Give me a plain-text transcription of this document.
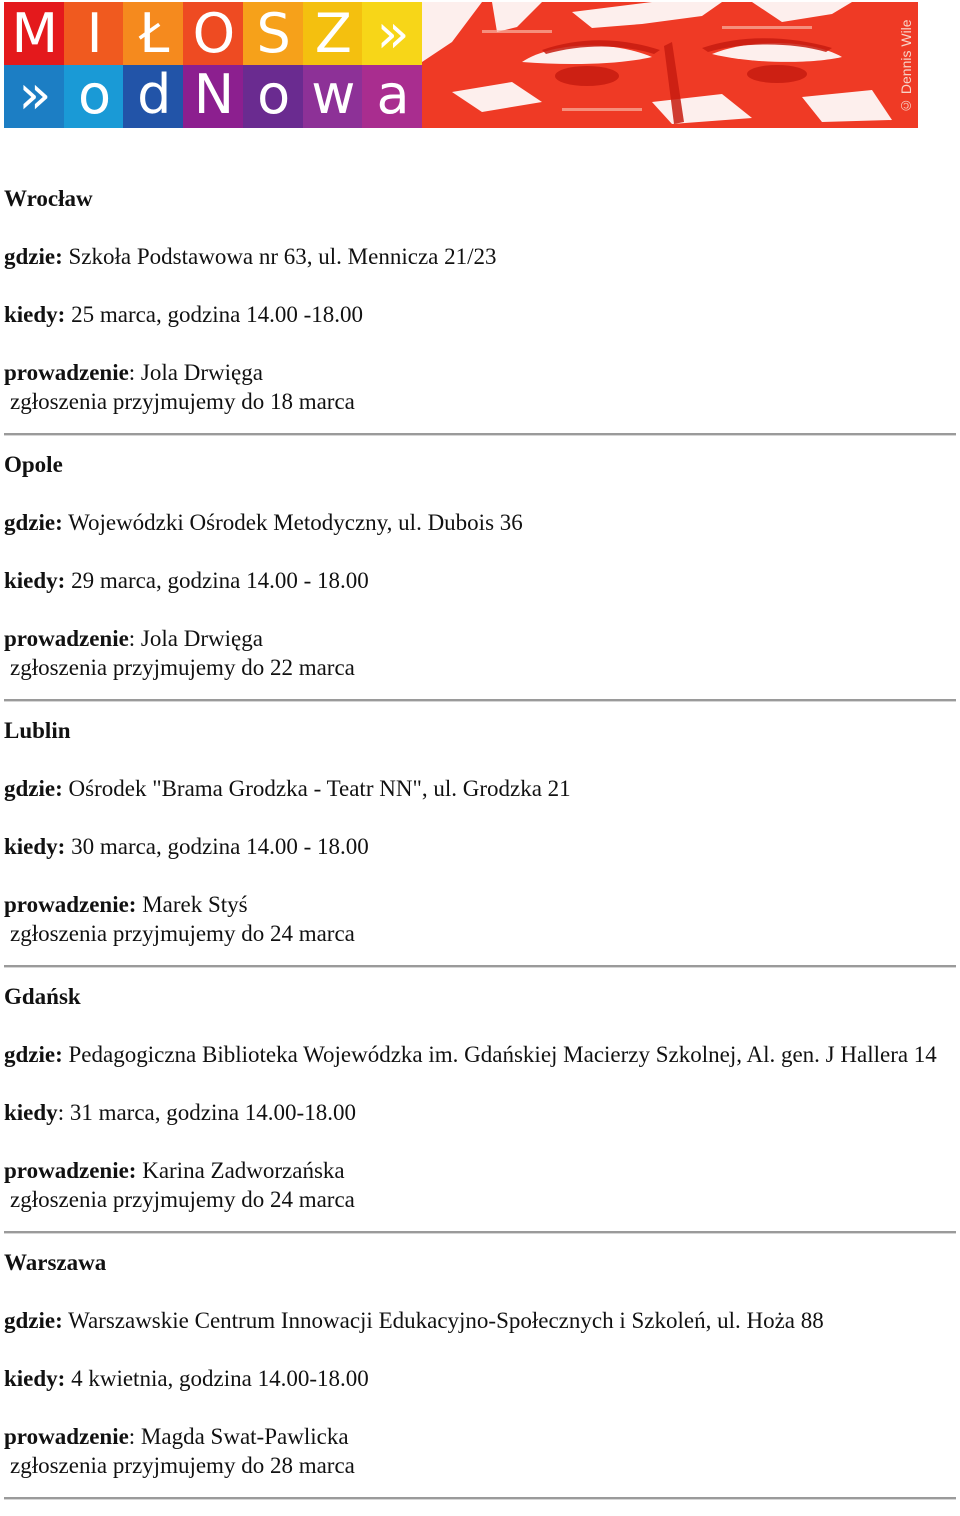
M I Ł O S Z »
» o d N o w a	© Dennis Wile
Wrocław
gdzie: Szkoła Podstawowa nr 63, ul. Mennicza 21/23
kiedy: 25 marca, godzina 14.00 -18.00
prowadzenie: Jola Drwięga
zgłoszenia przyjmujemy do 18 marca
Opole
gdzie: Wojewódzki Ośrodek Metodyczny, ul. Dubois 36
kiedy: 29 marca, godzina 14.00 - 18.00
prowadzenie: Jola Drwięga
zgłoszenia przyjmujemy do 22 marca
Lublin
gdzie: Ośrodek "Brama Grodzka - Teatr NN", ul. Grodzka 21
kiedy: 30 marca, godzina 14.00 - 18.00
prowadzenie: Marek Styś
zgłoszenia przyjmujemy do 24 marca
Gdańsk
gdzie: Pedagogiczna Biblioteka Wojewódzka im. Gdańskiej Macierzy Szkolnej, Al. gen. J Hallera 14
kiedy: 31 marca, godzina 14.00-18.00
prowadzenie: Karina Zadworzańska
zgłoszenia przyjmujemy do 24 marca
Warszawa
gdzie: Warszawskie Centrum Innowacji Edukacyjno-Społecznych i Szkoleń, ul. Hoża 88
kiedy: 4 kwietnia, godzina 14.00-18.00
prowadzenie: Magda Swat-Pawlicka
zgłoszenia przyjmujemy do 28 marca
